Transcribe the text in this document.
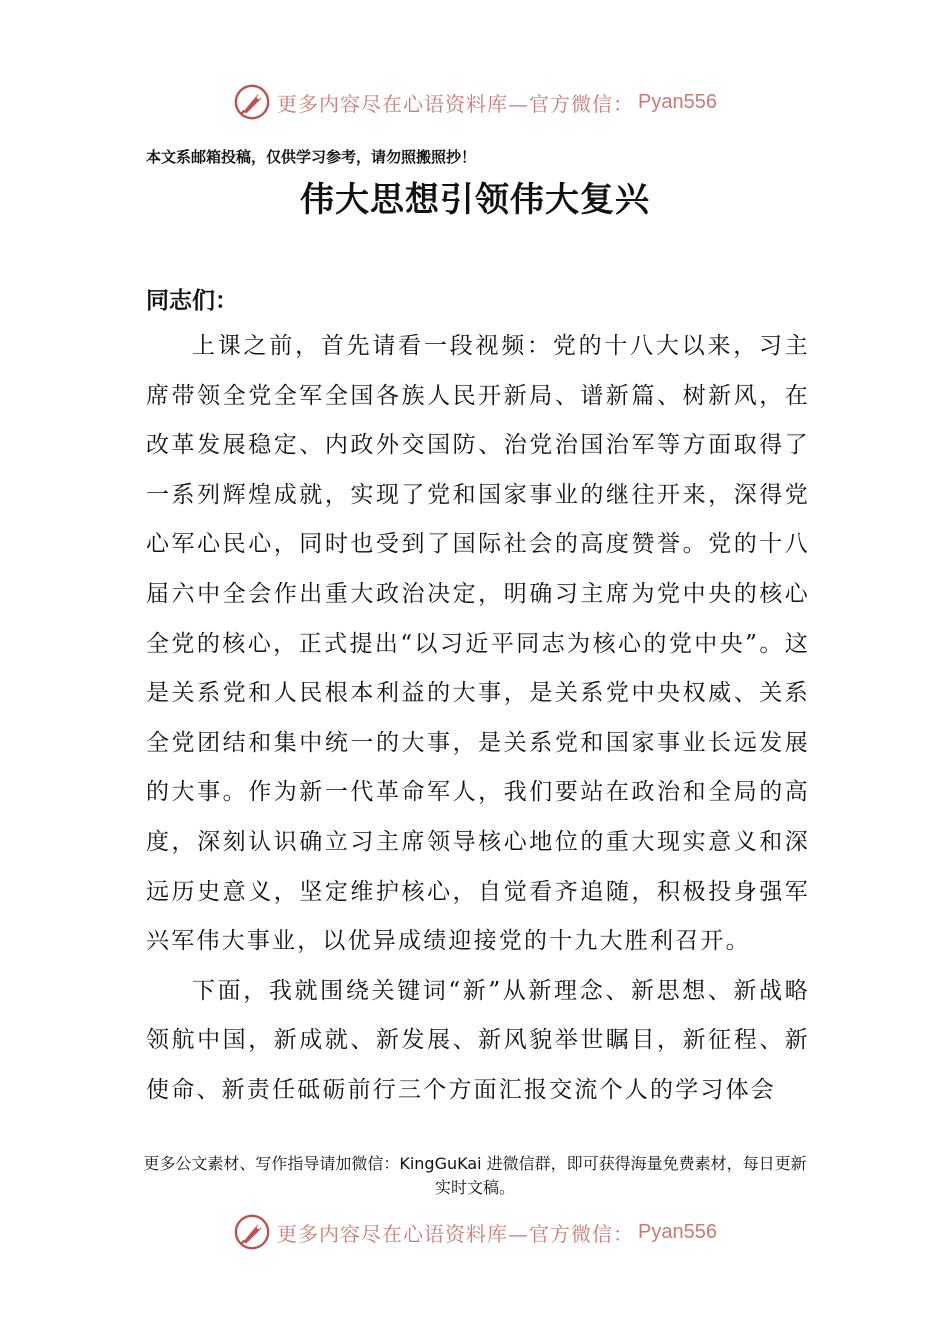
更多内容尽在心语资料库—官方微信： Pyan556
本文系邮箱投稿，仅供学习参考，请勿照搬照抄！
伟大思想引领伟大复兴
同志们：

上课之前，首先请看一段视频：党的十八大以来，习主席带领全党全军全国各族人民开新局、谱新篇、树新风，在改革发展稳定、内政外交国防、治党治国治军等方面取得了一系列辉煌成就，实现了党和国家事业的继往开来，深得党心军心民心，同时也受到了国际社会的高度赞誉。党的十八届六中全会作出重大政治决定，明确习主席为党中央的核心全党的核心，正式提出“以习近平同志为核心的党中央”。这是关系党和人民根本利益的大事，是关系党中央权威、关系全党团结和集中统一的大事，是关系党和国家事业长远发展的大事。作为新一代革命军人，我们要站在政治和全局的高度，深刻认识确立习主席领导核心地位的重大现实意义和深远历史意义，坚定维护核心，自觉看齐追随，积极投身强军兴军伟大事业，以优异成绩迎接党的十九大胜利召开。

下面，我就围绕关键词“新”从新理念、新思想、新战略领航中国，新成就、新发展、新风貌举世瞩目，新征程、新使命、新责任砥砺前行三个方面汇报交流个人的学习体会

更多公文素材、写作指导请加微信：KingGuKai 进微信群，即可获得海量免费素材，每日更新实时文稿。
更多内容尽在心语资料库—官方微信： Pyan556
